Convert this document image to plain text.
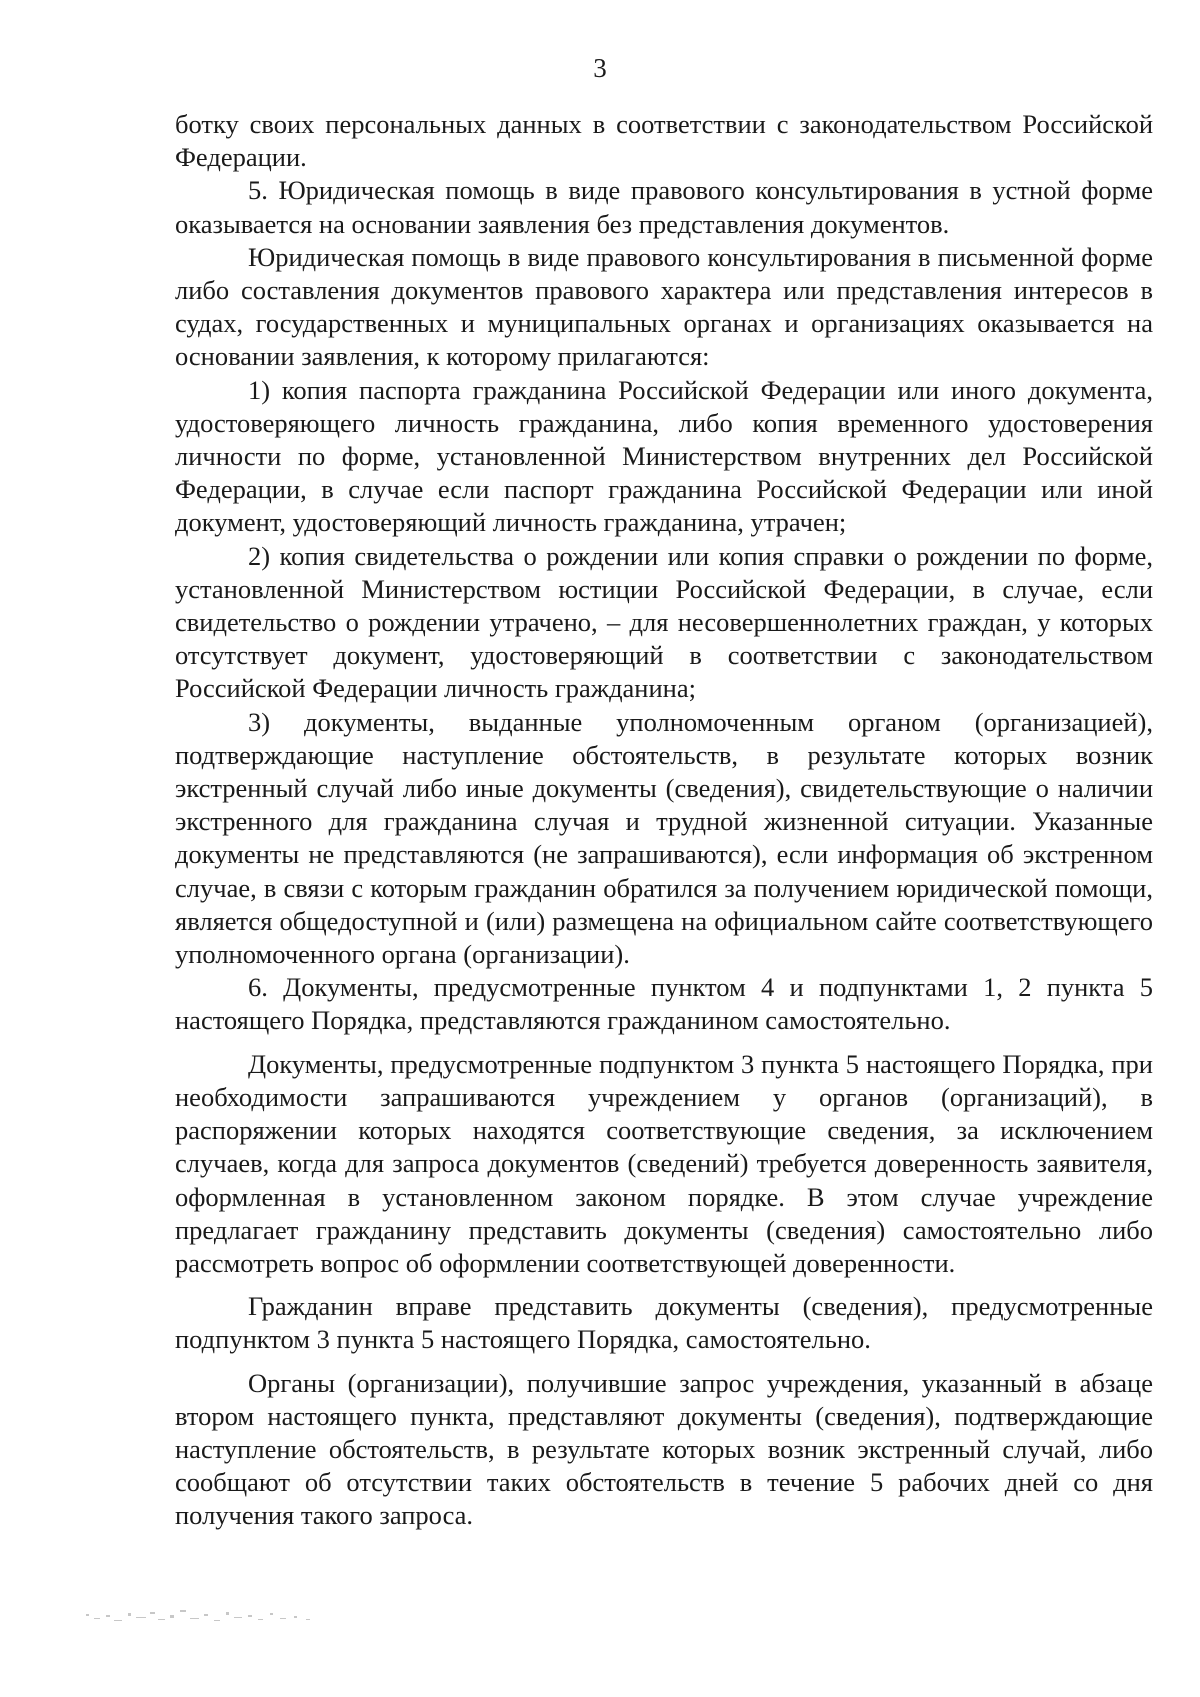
3

ботку своих персональных данных в соответствии с законодательством Российской Федерации.

5. Юридическая помощь в виде правового консультирования в устной форме оказывается на основании заявления без представления документов.

Юридическая помощь в виде правового консультирования в письменной форме либо составления документов правового характера или представления интересов в судах, государственных и муниципальных органах и организациях оказывается на основании заявления, к которому прилагаются:

1) копия паспорта гражданина Российской Федерации или иного документа, удостоверяющего личность гражданина, либо копия временного удостоверения личности по форме, установленной Министерством внутренних дел Российской Федерации, в случае если паспорт гражданина Российской Федерации или иной документ, удостоверяющий личность гражданина, утрачен;

2) копия свидетельства о рождении или копия справки о рождении по форме, установленной Министерством юстиции Российской Федерации, в случае, если свидетельство о рождении утрачено, – для несовершеннолетних граждан, у которых отсутствует документ, удостоверяющий в соответствии с законодательством Российской Федерации личность гражданина;

3) документы, выданные уполномоченным органом (организацией), подтверждающие наступление обстоятельств, в результате которых возник экстренный случай либо иные документы (сведения), свидетельствующие о наличии экстренного для гражданина случая и трудной жизненной ситуации. Указанные документы не представляются (не запрашиваются), если информация об экстренном случае, в связи с которым гражданин обратился за получением юридической помощи, является общедоступной и (или) размещена на официальном сайте соответствующего уполномоченного органа (организации).

6. Документы, предусмотренные пунктом 4 и подпунктами 1, 2 пункта 5 настоящего Порядка, представляются гражданином самостоятельно.

Документы, предусмотренные подпунктом 3 пункта 5 настоящего Порядка, при необходимости запрашиваются учреждением у органов (организаций), в распоряжении которых находятся соответствующие сведения, за исключением случаев, когда для запроса документов (сведений) требуется доверенность заявителя, оформленная в установленном законом порядке. В этом случае учреждение предлагает гражданину представить документы (сведения) самостоятельно либо рассмотреть вопрос об оформлении соответствующей доверенности.

Гражданин вправе представить документы (сведения), предусмотренные подпунктом 3 пункта 5 настоящего Порядка, самостоятельно.

Органы (организации), получившие запрос учреждения, указанный в абзаце втором настоящего пункта, представляют документы (сведения), подтверждающие наступление обстоятельств, в результате которых возник экстренный случай, либо сообщают об отсутствии таких обстоятельств в течение 5 рабочих дней со дня получения такого запроса.
